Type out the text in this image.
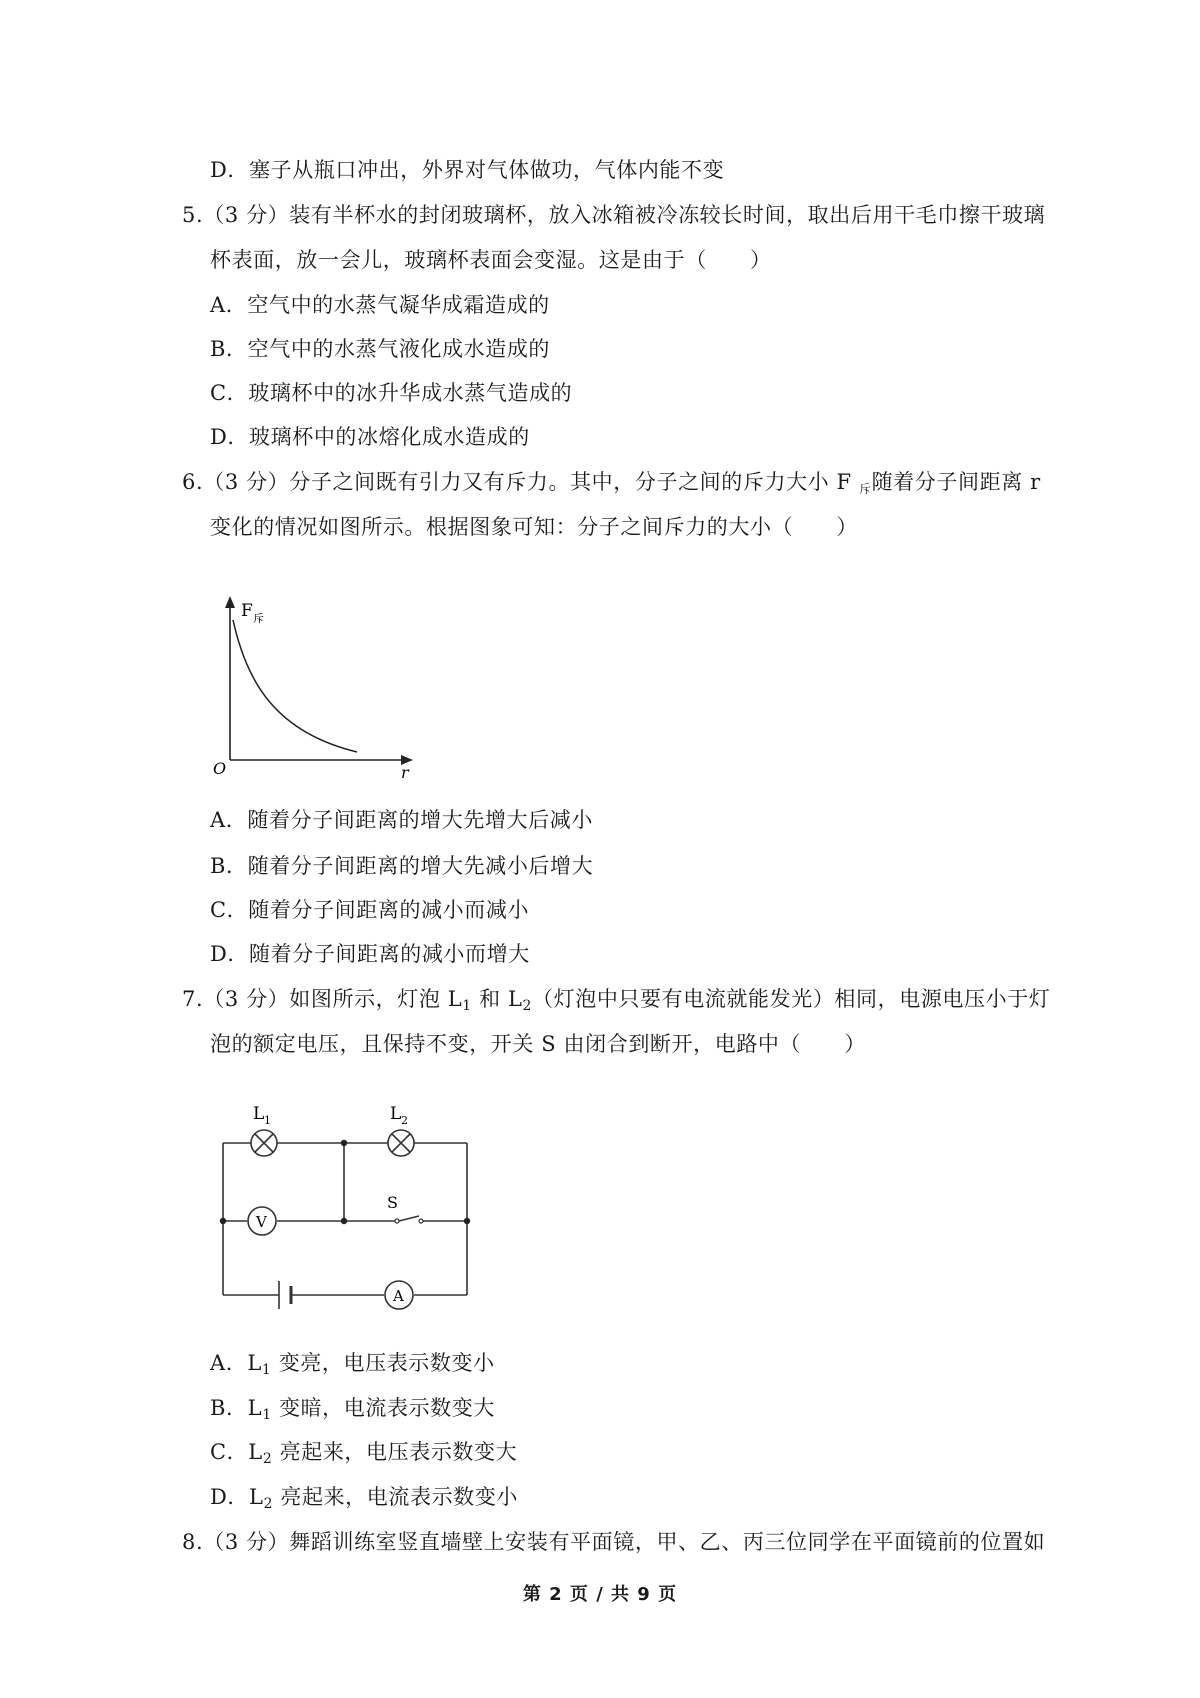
D．塞子从瓶口冲出，外界对气体做功，气体内能不变
5.（3 分）装有半杯水的封闭玻璃杯，放入冰箱被冷冻较长时间，取出后用干毛巾擦干玻璃
杯表面，放一会儿，玻璃杯表面会变湿。这是由于（　　）
A．空气中的水蒸气凝华成霜造成的
B．空气中的水蒸气液化成水造成的
C．玻璃杯中的冰升华成水蒸气造成的
D．玻璃杯中的冰熔化成水造成的
6.（3 分）分子之间既有引力又有斥力。其中，分子之间的斥力大小 F $_斥$随着分子间距离 r
变化的情况如图所示。根据图象可知：分子之间斥力的大小（　　）
F 斥
O	r
A．随着分子间距离的增大先增大后减小
B．随着分子间距离的增大先减小后增大
C．随着分子间距离的减小而减小
D．随着分子间距离的减小而增大
7.（3 分）如图所示，灯泡 $L_1$ 和 $L_2$（灯泡中只要有电流就能发光）相同，电源电压小于灯
泡的额定电压，且保持不变，开关 S 由闭合到断开，电路中（　　）
V
A
L 1	L 2
S
A．$L_1$ 变亮，电压表示数变小
B．$L_1$ 变暗，电流表示数变大
C．$L_2$ 亮起来，电压表示数变大
D．$L_2$ 亮起来，电流表示数变小
8.（3 分）舞蹈训练室竖直墙壁上安装有平面镜，甲、乙、丙三位同学在平面镜前的位置如
第 2 页 / 共 9 页
